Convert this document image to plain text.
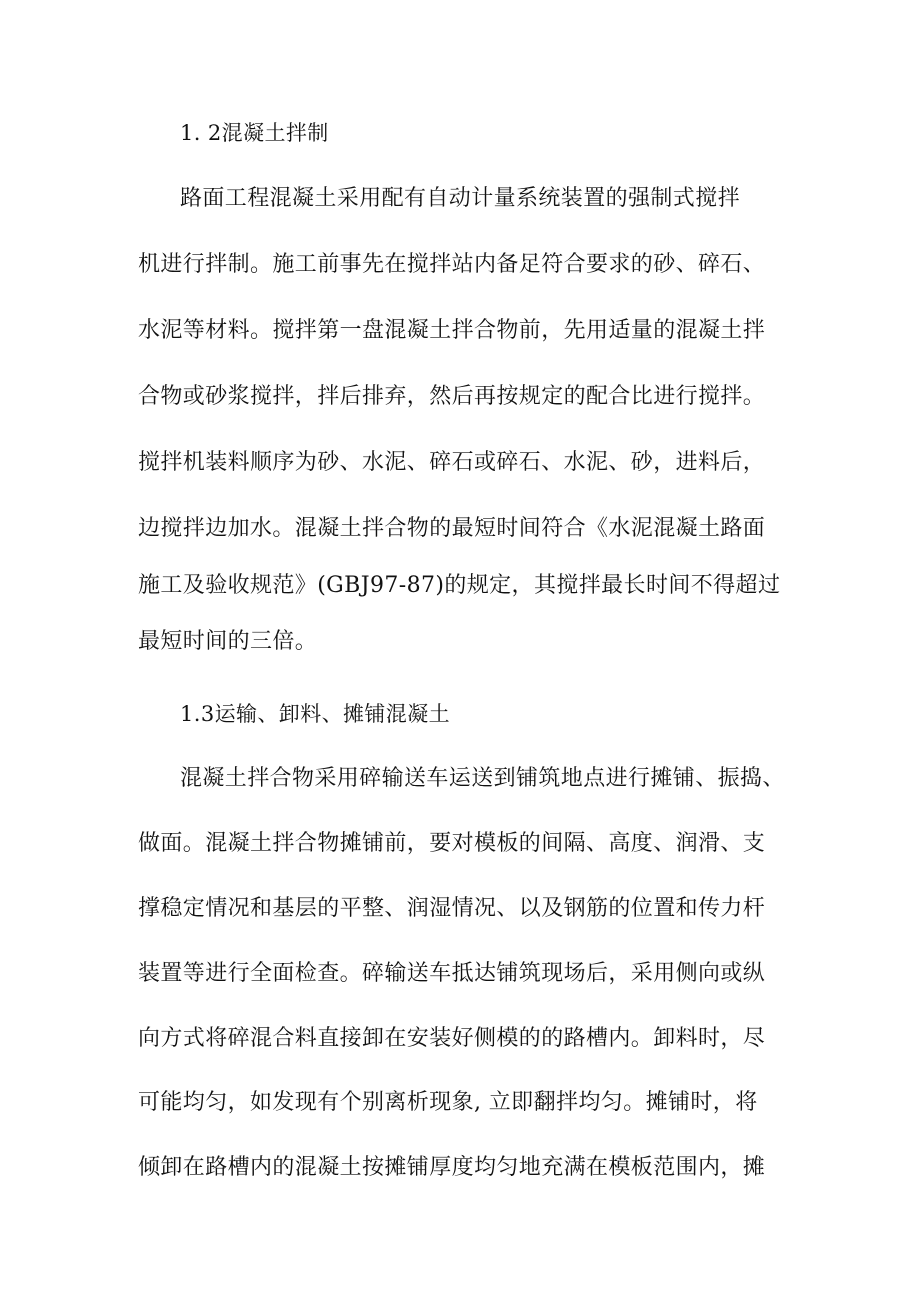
1. 2混凝土拌制
路面工程混凝土采用配有自动计量系统装置的强制式搅拌
机进行拌制。施工前事先在搅拌站内备足符合要求的砂、碎石、
水泥等材料。搅拌第一盘混凝土拌合物前，先用适量的混凝土拌
合物或砂浆搅拌，拌后排弃，然后再按规定的配合比进行搅拌。
搅拌机装料顺序为砂、水泥、碎石或碎石、水泥、砂，进料后，
边搅拌边加水。混凝土拌合物的最短时间符合《水泥混凝土路面
施工及验收规范》(GBJ97-87)的规定，其搅拌最长时间不得超过
最短时间的三倍。
1.3运输、卸料、摊铺混凝土
混凝土拌合物采用碎输送车运送到铺筑地点进行摊铺、振捣、
做面。混凝土拌合物摊铺前，要对模板的间隔、高度、润滑、支
撑稳定情况和基层的平整、润湿情况、以及钢筋的位置和传力杆
装置等进行全面检查。碎输送车抵达铺筑现场后，采用侧向或纵
向方式将碎混合料直接卸在安装好侧模的的路槽内。卸料时，尽
可能均匀，如发现有个别离析现象, 立即翻拌均匀。摊铺时，将
倾卸在路槽内的混凝土按摊铺厚度均匀地充满在模板范围内，摊
